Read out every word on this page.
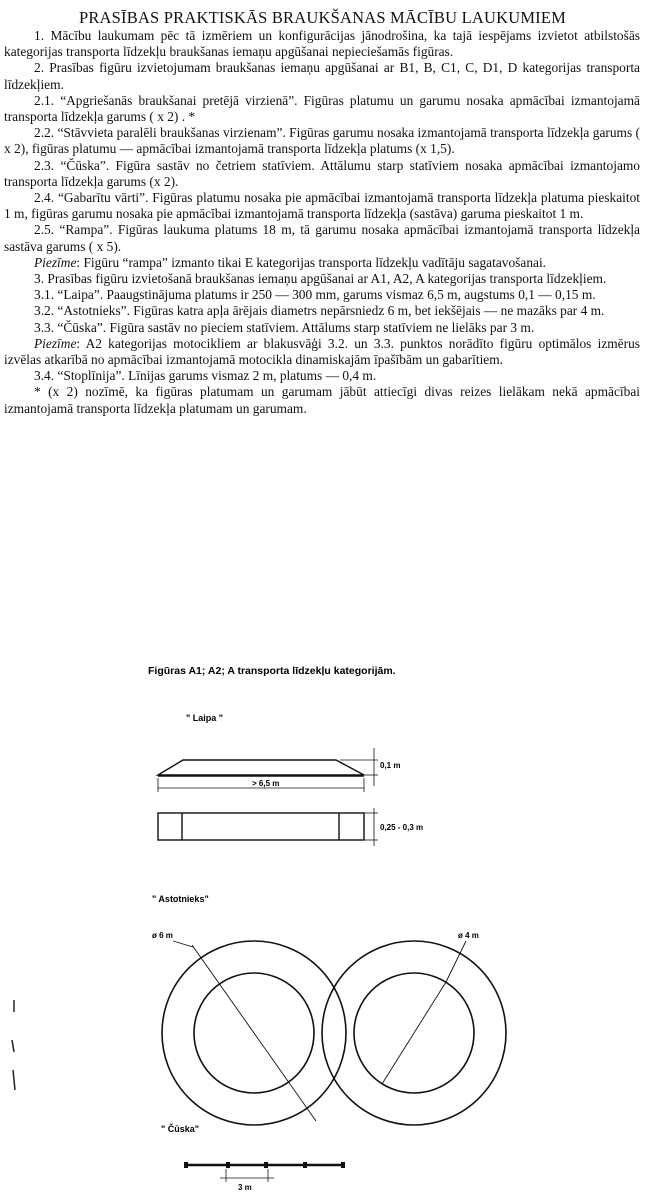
PRASĪBAS PRAKTISKĀS BRAUKŠANAS MĀCĪBU LAUKUMIEM

1. Mācību laukumam pēc tā izmēriem un konfigurācijas jānodrošina, ka tajā iespējams izvietot atbilstošās kategorijas transporta līdzekļu braukšanas iemaņu apgūšanai nepieciešamās figūras.

2. Prasības figūru izvietojumam braukšanas iemaņu apgūšanai ar B1, B, C1, C, D1, D kategorijas transporta līdzekļiem.

2.1. “Apgriešanās braukšanai pretējā virzienā”. Figūras platumu un garumu nosaka apmācībai izmantojamā transporta līdzekļa garums ( x 2) . *

2.2. “Stāvvieta paralēli braukšanas virzienam”. Figūras garumu nosaka izmantojamā transporta līdzekļa garums ( x 2), figūras platumu — apmācībai izmantojamā transporta līdzekļa platums (x 1,5).

2.3. “Čūska”. Figūra sastāv no četriem statīviem. Attālumu starp statīviem nosaka apmācībai izmantojamo transporta līdzekļa garums (x 2).

2.4. “Gabarītu vārti”. Figūras platumu nosaka pie apmācībai izmantojamā transporta līdzekļa platuma pieskaitot 1 m, figūras garumu nosaka pie apmācībai izmantojamā transporta līdzekļa (sastāva) garuma pieskaitot 1 m.

2.5. “Rampa”. Figūras laukuma platums 18 m, tā garumu nosaka apmācībai izmantojamā transporta līdzekļa sastāva garums ( x 5).

Piezīme: Figūru “rampa” izmanto tikai E kategorijas transporta līdzekļu vadītāju sagatavošanai.

3. Prasības figūru izvietošanā braukšanas iemaņu apgūšanai ar A1, A2, A kategorijas transporta līdzekļiem.

3.1. “Laipa”. Paaugstinājuma platums ir 250 — 300 mm, garums vismaz 6,5 m, augstums 0,1 — 0,15 m.

3.2. “Astotnieks”. Figūras katra apļa ārējais diametrs nepārsniedz 6 m, bet iekšējais — ne mazāks par 4 m.

3.3. “Čūska”. Figūra sastāv no pieciem statīviem. Attālums starp statīviem ne lielāks par 3 m.

Piezīme: A2 kategorijas motocikliem ar blakusvāģi 3.2. un 3.3. punktos norādīto figūru optimālos izmērus izvēlas atkarībā no apmācībai izmantojamā motocikla dinamiskajām īpašībām un gabarītiem.

3.4. “Stoplīnija”. Līnijas garums vismaz 2 m, platums — 0,4 m.

* (x 2) nozīmē, ka figūras platumam un garumam jābūt attiecīgi divas reizes lielākam nekā apmācībai izmantojamā transporta līdzekļa platumam un garumam.

Figūras A1; A2; A transporta līdzekļu kategorijām.
" Laipa "
0,1 m
> 6,5 m
0,25 - 0,3 m
" Astotnieks"
ø 6 m	ø 4 m
" Čūska"
3 m
